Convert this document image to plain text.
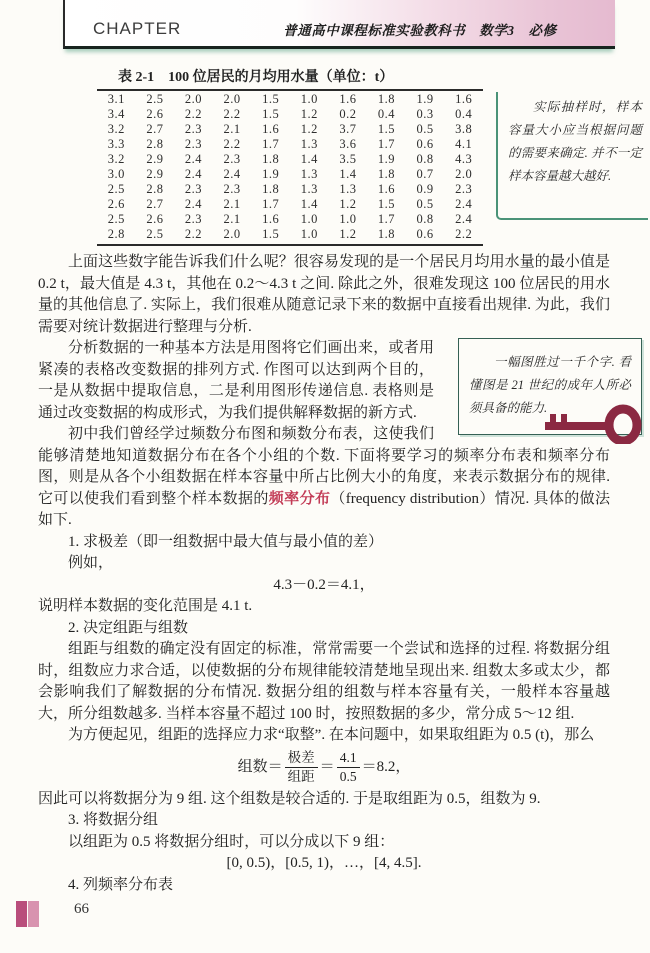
CHAPTER	普通高中课程标准实验教科书　数学3　必修
表 2-1　100 位居民的月均用水量（单位：t）
3.1	2.5	2.0	2.0	1.5	1.0	1.6	1.8	1.9	1.6
3.4	2.6	2.2	2.2	1.5	1.2	0.2	0.4	0.3	0.4
3.2	2.7	2.3	2.1	1.6	1.2	3.7	1.5	0.5	3.8
3.3	2.8	2.3	2.2	1.7	1.3	3.6	1.7	0.6	4.1
3.2	2.9	2.4	2.3	1.8	1.4	3.5	1.9	0.8	4.3
3.0	2.9	2.4	2.4	1.9	1.3	1.4	1.8	0.7	2.0
2.5	2.8	2.3	2.3	1.8	1.3	1.3	1.6	0.9	2.3
2.6	2.7	2.4	2.1	1.7	1.4	1.2	1.5	0.5	2.4
2.5	2.6	2.3	2.1	1.6	1.0	1.0	1.7	0.8	2.4
2.8	2.5	2.2	2.0	1.5	1.0	1.2	1.8	0.6	2.2

实际抽样时，样本容量大小应当根据问题的需要来确定. 并不一定样本容量越大越好.

一幅图胜过一千个字. 看懂图是 21 世纪的成年人所必须具备的能力.

上面这些数字能告诉我们什么呢？很容易发现的是一个居民月均用水量的最小值是 0.2 t，最大值是 4.3 t，其他在 0.2～4.3 t 之间. 除此之外，很难发现这 100 位居民的用水量的其他信息了. 实际上，我们很难从随意记录下来的数据中直接看出规律. 为此，我们需要对统计数据进行整理与分析.

分析数据的一种基本方法是用图将它们画出来，或者用紧凑的表格改变数据的排列方式. 作图可以达到两个目的，一是从数据中提取信息，二是利用图形传递信息. 表格则是通过改变数据的构成形式，为我们提供解释数据的新方式.

初中我们曾经学过频数分布图和频数分布表，这使我们能够清楚地知道数据分布在各个小组的个数. 下面将要学习的频率分布表和频率分布图，则是从各个小组数据在样本容量中所占比例大小的角度，来表示数据分布的规律. 它可以使我们看到整个样本数据的频率分布（frequency distribution）情况. 具体的做法如下.

1. 求极差（即一组数据中最大值与最小值的差）

例如，

4.3－0.2＝4.1，

说明样本数据的变化范围是 4.1 t.

2. 决定组距与组数

组距与组数的确定没有固定的标准，常常需要一个尝试和选择的过程. 将数据分组时，组数应力求合适，以使数据的分布规律能较清楚地呈现出来. 组数太多或太少，都会影响我们了解数据的分布情况. 数据分组的组数与样本容量有关，一般样本容量越大，所分组数越多. 当样本容量不超过 100 时，按照数据的多少，常分成 5～12 组.

为方便起见，组距的选择应力求“取整”. 在本问题中，如果取组距为 0.5 (t)，那么

组数＝ $\frac{\text{极差}}{\text{组距}} = \frac{4.1}{0.5} =8.2$，

因此可以将数据分为 9 组. 这个组数是较合适的. 于是取组距为 0.5，组数为 9.

3. 将数据分组

以组距为 0.5 将数据分组时，可以分成以下 9 组：

[0, 0.5)，[0.5, 1)，…，[4, 4.5].

4. 列频率分布表

66
